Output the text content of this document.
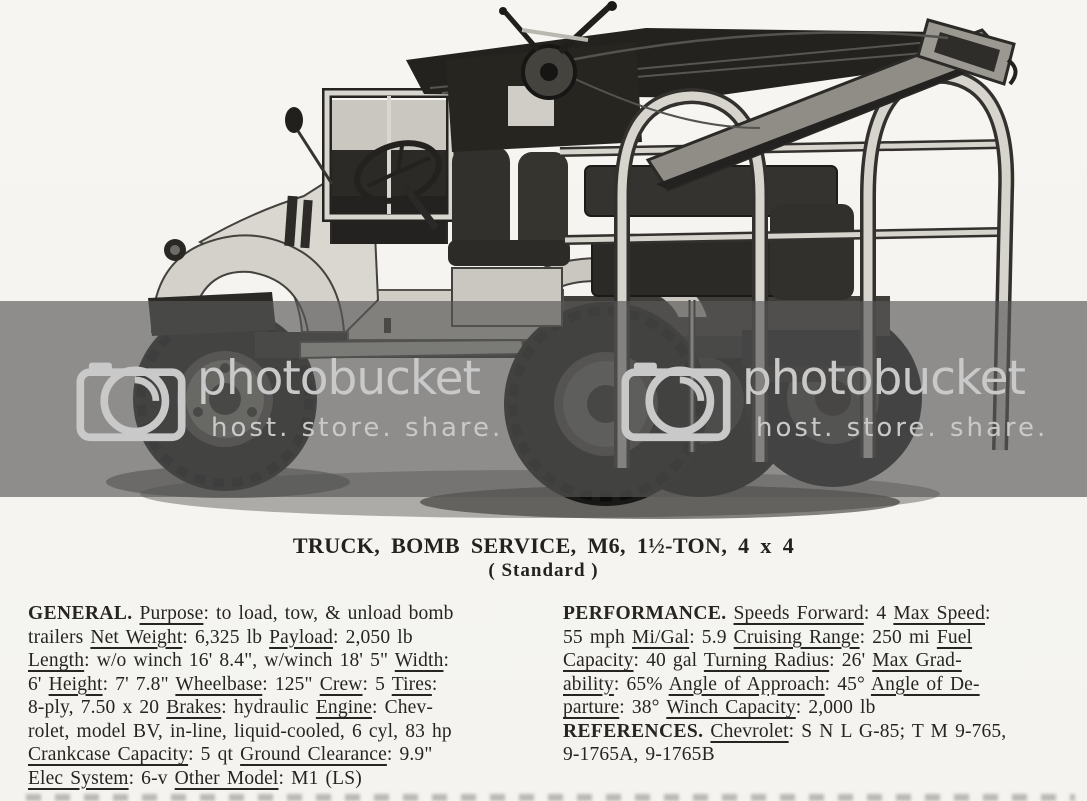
photobucket
host. store. share.
photobucket
host. store. share.
TRUCK, BOMB SERVICE, M6, 1½-TON, 4 x 4
( Standard )
GENERAL. Purpose: to load, tow, & unload bomb
trailers Net Weight: 6,325 lb Payload: 2,050 lb
Length: w/o winch 16' 8.4", w/winch 18' 5" Width:
6' Height: 7' 7.8" Wheelbase: 125" Crew: 5 Tires:
8-ply, 7.50 x 20 Brakes: hydraulic Engine: Chev-
rolet, model BV, in-line, liquid-cooled, 6 cyl, 83 hp
Crankcase Capacity: 5 qt Ground Clearance: 9.9"
Elec System: 6-v Other Model: M1 (LS)
PERFORMANCE. Speeds Forward: 4 Max Speed:
55 mph Mi/Gal: 5.9 Cruising Range: 250 mi Fuel
Capacity: 40 gal Turning Radius: 26' Max Grad-
ability: 65% Angle of Approach: 45° Angle of De-
parture: 38° Winch Capacity: 2,000 lb
REFERENCES. Chevrolet: S N L G-85; T M 9-765,
9-1765A, 9-1765B
